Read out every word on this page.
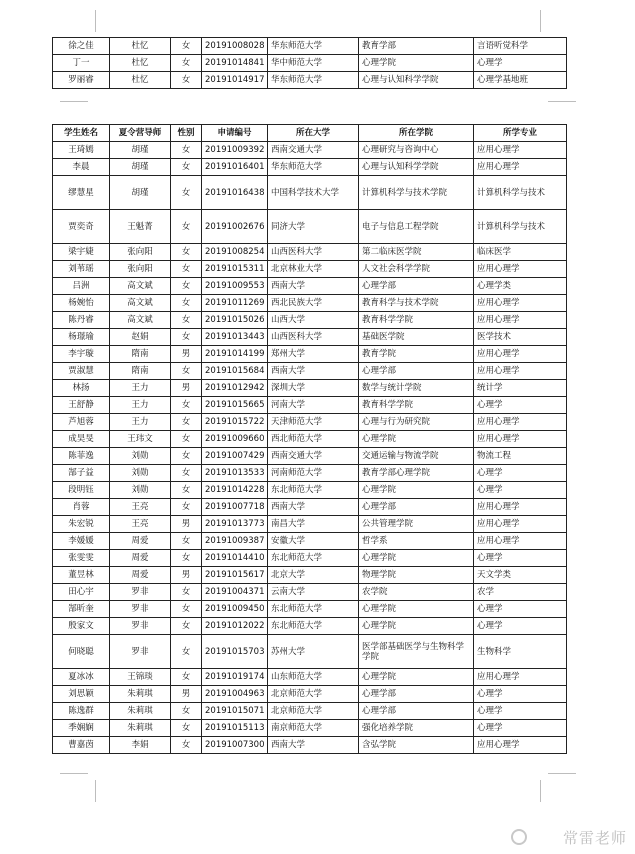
徐之佳	杜忆	女	20191008028	华东师范大学	教育学部	言语听觉科学
丁一	杜忆	女	20191014841	华中师范大学	心理学院	心理学
罗丽睿	杜忆	女	20191014917	华东师范大学	心理与认知科学学院	心理学基地班
学生姓名	夏令营导师	性别	申请编号	所在大学	所在学院	所学专业
王琦嫣	胡瑾	女	20191009392	西南交通大学	心理研究与咨询中心	应用心理学
李晨	胡瑾	女	20191016401	华东师范大学	心理与认知科学学院	应用心理学
缪慧星	胡瑾	女	20191016438	中国科学技术大学	计算机科学与技术学院	计算机科学与技术
贾奕奇	王魁菁	女	20191002676	同济大学	电子与信息工程学院	计算机科学与技术
梁宇婕	张向阳	女	20191008254	山西医科大学	第二临床医学院	临床医学
刘苇瑶	张向阳	女	20191015311	北京林业大学	人文社会科学学院	应用心理学
吕洲	高文斌	女	20191009553	西南大学	心理学部	心理学类
杨婉怡	高文斌	女	20191011269	西北民族大学	教育科学与技术学院	应用心理学
陈丹睿	高文斌	女	20191015026	山西大学	教育科学学院	应用心理学
杨璟瑜	赵娟	女	20191013443	山西医科大学	基础医学院	医学技术
李宇璇	隋南	男	20191014199	郑州大学	教育学院	应用心理学
贾淑慧	隋南	女	20191015684	西南大学	心理学部	应用心理学
林扬	王力	男	20191012942	深圳大学	数学与统计学院	统计学
王舒静	王力	女	20191015665	河南大学	教育科学学院	心理学
芦旭蓉	王力	女	20191015722	天津师范大学	心理与行为研究院	应用心理学
成昊旻	王玮文	女	20191009660	西北师范大学	心理学院	应用心理学
陈菲逸	刘勋	女	20191007429	西南交通大学	交通运输与物流学院	物流工程
郜子益	刘勋	女	20191013533	河南师范大学	教育学部心理学院	心理学
段明钰	刘勋	女	20191014228	东北师范大学	心理学院	心理学
肖蓉	王亮	女	20191007718	西南大学	心理学部	应用心理学
朱宏锐	王亮	男	20191013773	南昌大学	公共管理学院	应用心理学
李媛媛	周爱	女	20191009387	安徽大学	哲学系	应用心理学
张雯雯	周爱	女	20191014410	东北师范大学	心理学院	心理学
董昱林	周爱	男	20191015617	北京大学	物理学院	天文学类
田心宇	罗非	女	20191004371	云南大学	农学院	农学
郜昕奎	罗非	女	20191009450	东北师范大学	心理学院	心理学
殷家文	罗非	女	20191012022	东北师范大学	心理学院	心理学
何晓聪	罗非	女	20191015703	苏州大学	医学部基础医学与生物科学学院	生物科学
夏冰冰	王锦琰	女	20191019174	山东师范大学	心理学院	应用心理学
刘思颖	朱莉琪	男	20191004963	北京师范大学	心理学部	心理学
陈逸群	朱莉琪	女	20191015071	北京师范大学	心理学部	心理学
季娴娴	朱莉琪	女	20191015113	南京师范大学	强化培养学院	心理学
曹嘉茵	李娟	女	20191007300	西南大学	含弘学院	应用心理学
常雷老师
